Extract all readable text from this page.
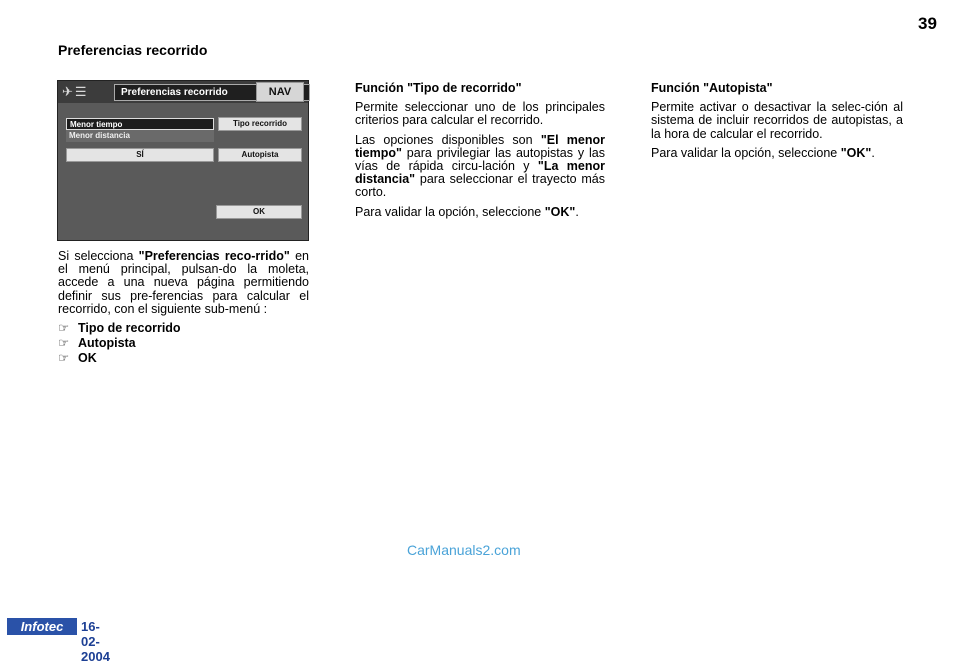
39
Preferencias recorrido
✈☰	Preferencias recorrido	NAV
Menor tiempo
Menor distancia
Tipo recorrido
SÍ	Autopista
OK

Si selecciona "Preferencias reco-rrido" en el menú principal, pulsan-do la moleta, accede a una nueva página permitiendo definir sus pre-ferencias para calcular el recorrido, con el siguiente sub-menú :

☞ Tipo de recorrido
☞ Autopista
☞ OK
Función "Tipo de recorrido"

Permite seleccionar uno de los principales criterios para calcular el recorrido.

Las opciones disponibles son "El menor tiempo" para privilegiar las autopistas y las vías de rápida circu-lación y "La menor distancia" para seleccionar el trayecto más corto.

Para validar la opción, seleccione "OK".

Función "Autopista"

Permite activar o desactivar la selec-ción al sistema de incluir recorridos de autopistas, a la hora de calcular el recorrido.

Para validar la opción, seleccione "OK".

CarManuals2.com
Infotec	16-02-2004
